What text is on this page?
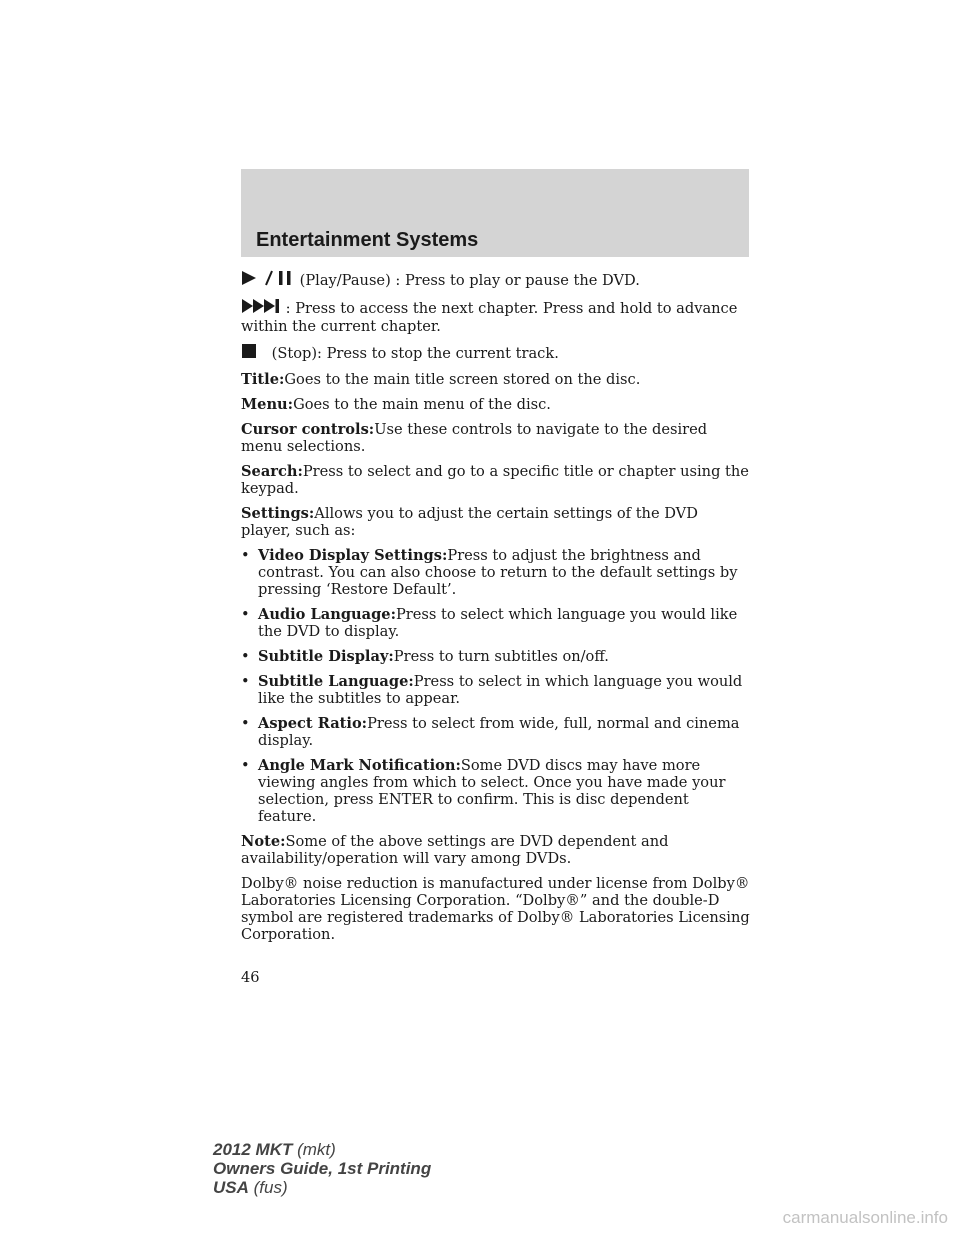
Entertainment Systems

(Play/Pause) : Press to play or pause the DVD.

: Press to access the next chapter. Press and hold to advance within the current chapter.

(Stop): Press to stop the current track.

Title:Goes to the main title screen stored on the disc.

Menu:Goes to the main menu of the disc.

Cursor controls:Use these controls to navigate to the desired menu selections.

Search:Press to select and go to a specific title or chapter using the keypad.

Settings:Allows you to adjust the certain settings of the DVD player, such as:

• Video Display Settings:Press to adjust the brightness and contrast. You can also choose to return to the default settings by pressing ‘Restore Default’.
• Audio Language:Press to select which language you would like the DVD to display.
• Subtitle Display:Press to turn subtitles on/off.
• Subtitle Language:Press to select in which language you would like the subtitles to appear.
• Aspect Ratio:Press to select from wide, full, normal and cinema display.
• Angle Mark Notification:Some DVD discs may have more viewing angles from which to select. Once you have made your selection, press ENTER to confirm. This is disc dependent feature.

Note:Some of the above settings are DVD dependent and availability/operation will vary among DVDs.

Dolby® noise reduction is manufactured under license from Dolby® Laboratories Licensing Corporation. “Dolby®” and the double-D symbol are registered trademarks of Dolby® Laboratories Licensing Corporation.

46
2012 MKT (mkt)
Owners Guide, 1st Printing
USA (fus)
carmanualsonline.info
